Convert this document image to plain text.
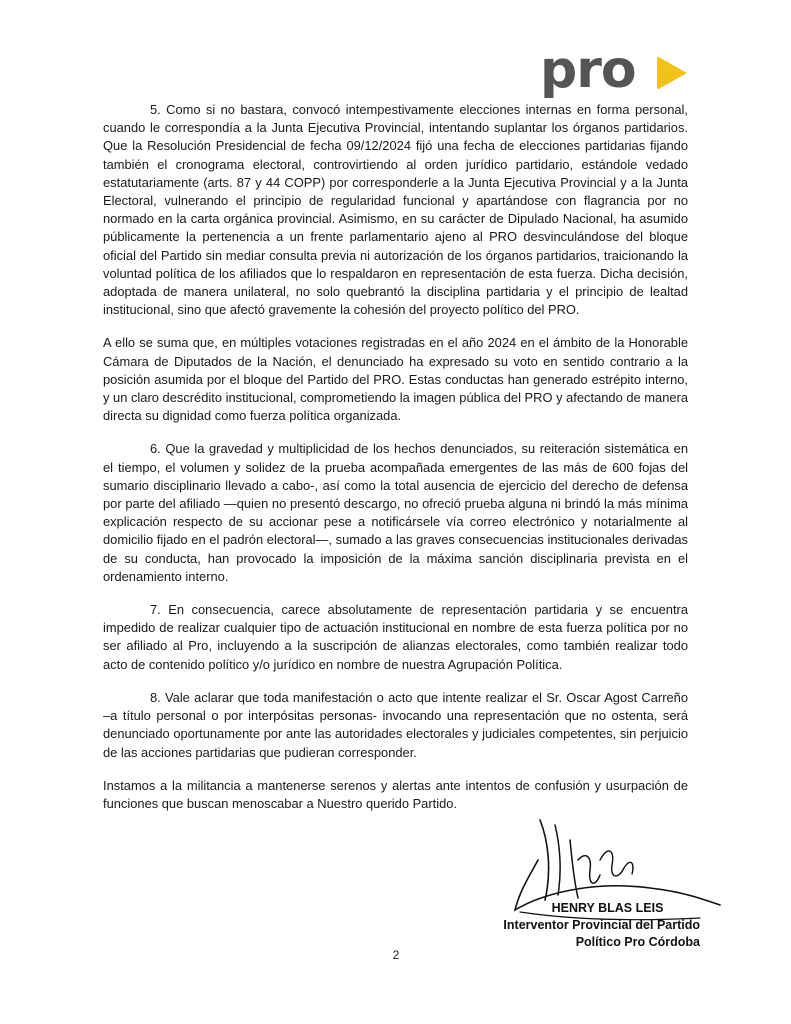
pro

5. Como si no bastara, convocó intempestivamente elecciones internas en forma personal, cuando le correspondía a la Junta Ejecutiva Provincial, intentando suplantar los órganos partidarios. Que la Resolución Presidencial de fecha 09/12/2024 fijó una fecha de elecciones partidarias fijando también el cronograma electoral, controvirtiendo al orden jurídico partidario, estándole vedado estatutariamente (arts. 87 y 44 COPP) por corresponderle a la Junta Ejecutiva Provincial y a la Junta Electoral, vulnerando el principio de regularidad funcional y apartándose con flagrancia por no normado en la carta orgánica provincial. Asimismo, en su carácter de Dipulado Nacional, ha asumido públicamente la pertenencia a un frente parlamentario ajeno al PRO desvinculándose del bloque oficial del Partido sin mediar consulta previa ni autorización de los órganos partidarios, traicionando la voluntad política de los afiliados que lo respaldaron en representación de esta fuerza. Dicha decisión, adoptada de manera unilateral, no solo quebrantó la disciplina partidaria y el principio de lealtad institucional, sino que afectó gravemente la cohesión del proyecto político del PRO.

A ello se suma que, en múltiples votaciones registradas en el año 2024 en el ámbito de la Honorable Cámara de Diputados de la Nación, el denunciado ha expresado su voto en sentido contrario a la posición asumida por el bloque del Partido del PRO. Estas conductas han generado estrépito interno, y un claro descrédito institucional, comprometiendo la imagen pública del PRO y afectando de manera directa su dignidad como fuerza política organizada.

6. Que la gravedad y multiplicidad de los hechos denunciados, su reiteración sistemática en el tiempo, el volumen y solidez de la prueba acompañada emergentes de las más de 600 fojas del sumario disciplinario llevado a cabo-, así como la total ausencia de ejercicio del derecho de defensa por parte del afiliado —quien no presentó descargo, no ofreció prueba alguna ni brindó la más mínima explicación respecto de su accionar pese a notificársele vía correo electrónico y notarialmente al domicilio fijado en el padrón electoral—, sumado a las graves consecuencias institucionales derivadas de su conducta, han provocado la imposición de la máxima sanción disciplinaria prevista en el ordenamiento interno.

7. En consecuencia, carece absolutamente de representación partidaria y se encuentra impedido de realizar cualquier tipo de actuación institucional en nombre de esta fuerza política por no ser afiliado al Pro, incluyendo a la suscripción de alianzas electorales, como también realizar todo acto de contenido político y/o jurídico en nombre de nuestra Agrupación Política.

8. Vale aclarar que toda manifestación o acto que intente realizar el Sr. Oscar Agost Carreño –a título personal o por interpósitas personas- invocando una representación que no ostenta, será denunciado oportunamente por ante las autoridades electorales y judiciales competentes, sin perjuicio de las acciones partidarias que pudieran corresponder.

Instamos a la militancia a mantenerse serenos y alertas ante intentos de confusión y usurpación de funciones que buscan menoscabar a Nuestro querido Partido.

HENRY BLAS LEIS
Interventor Provincial del Partido
Político Pro Córdoba
2
